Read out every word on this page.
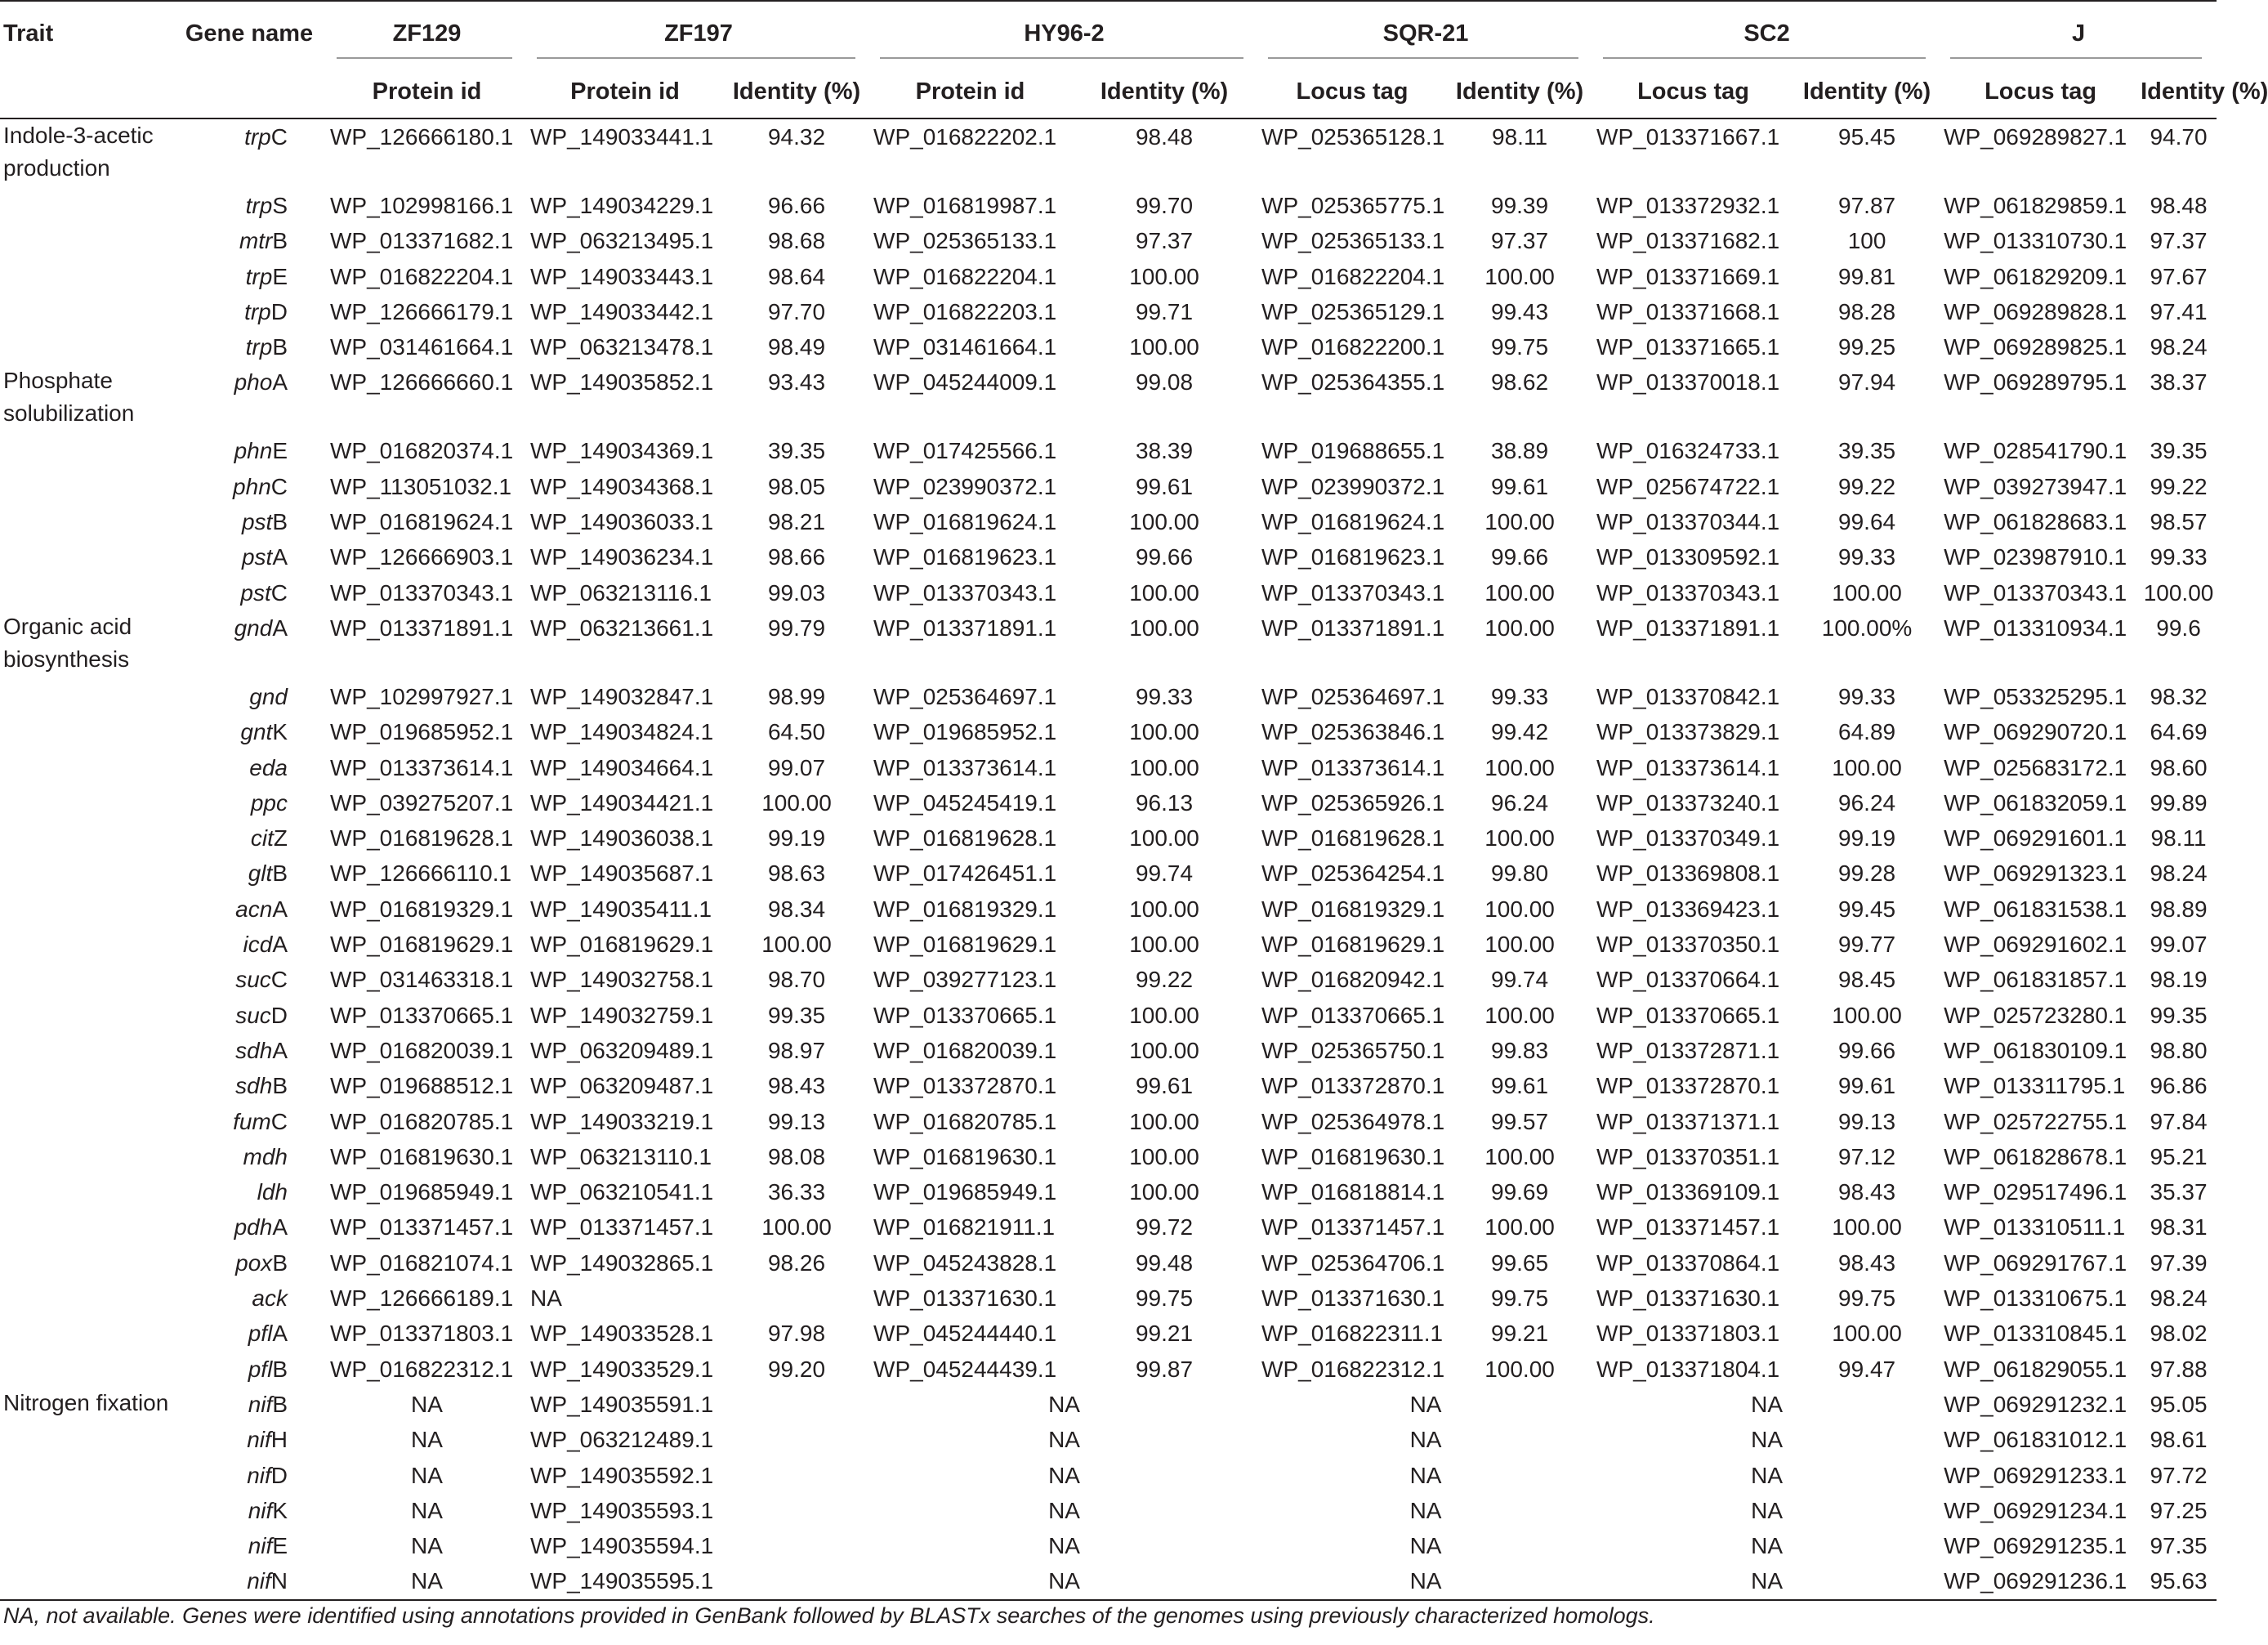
Trait	Gene name	ZF129	ZF197		HY96-2		SQR-21		SC2		J	

		Protein id	Protein id	Identity (%)	Protein id	Identity (%)	Locus tag	Identity (%)	Locus tag	Identity (%)	Locus tag	Identity (%)
Indole-3-acetic production	trpC	WP_126666180.1	WP_149033441.1	94.32	WP_016822202.1	98.48	WP_025365128.1	98.11	WP_013371667.1	95.45	WP_069289827.1	94.70
	trpS	WP_102998166.1	WP_149034229.1	96.66	WP_016819987.1	99.70	WP_025365775.1	99.39	WP_013372932.1	97.87	WP_061829859.1	98.48
	mtrB	WP_013371682.1	WP_063213495.1	98.68	WP_025365133.1	97.37	WP_025365133.1	97.37	WP_013371682.1	100	WP_013310730.1	97.37
	trpE	WP_016822204.1	WP_149033443.1	98.64	WP_016822204.1	100.00	WP_016822204.1	100.00	WP_013371669.1	99.81	WP_061829209.1	97.67
	trpD	WP_126666179.1	WP_149033442.1	97.70	WP_016822203.1	99.71	WP_025365129.1	99.43	WP_013371668.1	98.28	WP_069289828.1	97.41
	trpB	WP_031461664.1	WP_063213478.1	98.49	WP_031461664.1	100.00	WP_016822200.1	99.75	WP_013371665.1	99.25	WP_069289825.1	98.24
Phosphate solubilization	phoA	WP_126666660.1	WP_149035852.1	93.43	WP_045244009.1	99.08	WP_025364355.1	98.62	WP_013370018.1	97.94	WP_069289795.1	38.37
	phnE	WP_016820374.1	WP_149034369.1	39.35	WP_017425566.1	38.39	WP_019688655.1	38.89	WP_016324733.1	39.35	WP_028541790.1	39.35
	phnC	WP_113051032.1	WP_149034368.1	98.05	WP_023990372.1	99.61	WP_023990372.1	99.61	WP_025674722.1	99.22	WP_039273947.1	99.22
	pstB	WP_016819624.1	WP_149036033.1	98.21	WP_016819624.1	100.00	WP_016819624.1	100.00	WP_013370344.1	99.64	WP_061828683.1	98.57
	pstA	WP_126666903.1	WP_149036234.1	98.66	WP_016819623.1	99.66	WP_016819623.1	99.66	WP_013309592.1	99.33	WP_023987910.1	99.33
	pstC	WP_013370343.1	WP_063213116.1	99.03	WP_013370343.1	100.00	WP_013370343.1	100.00	WP_013370343.1	100.00	WP_013370343.1	100.00
Organic acid biosynthesis	gndA	WP_013371891.1	WP_063213661.1	99.79	WP_013371891.1	100.00	WP_013371891.1	100.00	WP_013371891.1	100.00%	WP_013310934.1	99.6
	gnd	WP_102997927.1	WP_149032847.1	98.99	WP_025364697.1	99.33	WP_025364697.1	99.33	WP_013370842.1	99.33	WP_053325295.1	98.32
	gntK	WP_019685952.1	WP_149034824.1	64.50	WP_019685952.1	100.00	WP_025363846.1	99.42	WP_013373829.1	64.89	WP_069290720.1	64.69
	eda	WP_013373614.1	WP_149034664.1	99.07	WP_013373614.1	100.00	WP_013373614.1	100.00	WP_013373614.1	100.00	WP_025683172.1	98.60
	ppc	WP_039275207.1	WP_149034421.1	100.00	WP_045245419.1	96.13	WP_025365926.1	96.24	WP_013373240.1	96.24	WP_061832059.1	99.89
	citZ	WP_016819628.1	WP_149036038.1	99.19	WP_016819628.1	100.00	WP_016819628.1	100.00	WP_013370349.1	99.19	WP_069291601.1	98.11
	gltB	WP_126666110.1	WP_149035687.1	98.63	WP_017426451.1	99.74	WP_025364254.1	99.80	WP_013369808.1	99.28	WP_069291323.1	98.24
	acnA	WP_016819329.1	WP_149035411.1	98.34	WP_016819329.1	100.00	WP_016819329.1	100.00	WP_013369423.1	99.45	WP_061831538.1	98.89
	icdA	WP_016819629.1	WP_016819629.1	100.00	WP_016819629.1	100.00	WP_016819629.1	100.00	WP_013370350.1	99.77	WP_069291602.1	99.07
	sucC	WP_031463318.1	WP_149032758.1	98.70	WP_039277123.1	99.22	WP_016820942.1	99.74	WP_013370664.1	98.45	WP_061831857.1	98.19
	sucD	WP_013370665.1	WP_149032759.1	99.35	WP_013370665.1	100.00	WP_013370665.1	100.00	WP_013370665.1	100.00	WP_025723280.1	99.35
	sdhA	WP_016820039.1	WP_063209489.1	98.97	WP_016820039.1	100.00	WP_025365750.1	99.83	WP_013372871.1	99.66	WP_061830109.1	98.80
	sdhB	WP_019688512.1	WP_063209487.1	98.43	WP_013372870.1	99.61	WP_013372870.1	99.61	WP_013372870.1	99.61	WP_013311795.1	96.86
	fumC	WP_016820785.1	WP_149033219.1	99.13	WP_016820785.1	100.00	WP_025364978.1	99.57	WP_013371371.1	99.13	WP_025722755.1	97.84
	mdh	WP_016819630.1	WP_063213110.1	98.08	WP_016819630.1	100.00	WP_016819630.1	100.00	WP_013370351.1	97.12	WP_061828678.1	95.21
	ldh	WP_019685949.1	WP_063210541.1	36.33	WP_019685949.1	100.00	WP_016818814.1	99.69	WP_013369109.1	98.43	WP_029517496.1	35.37
	pdhA	WP_013371457.1	WP_013371457.1	100.00	WP_016821911.1	99.72	WP_013371457.1	100.00	WP_013371457.1	100.00	WP_013310511.1	98.31
	poxB	WP_016821074.1	WP_149032865.1	98.26	WP_045243828.1	99.48	WP_025364706.1	99.65	WP_013370864.1	98.43	WP_069291767.1	97.39
	ack	WP_126666189.1	NA		WP_013371630.1	99.75	WP_013371630.1	99.75	WP_013371630.1	99.75	WP_013310675.1	98.24
	pflA	WP_013371803.1	WP_149033528.1	97.98	WP_045244440.1	99.21	WP_016822311.1	99.21	WP_013371803.1	100.00	WP_013310845.1	98.02
	pflB	WP_016822312.1	WP_149033529.1	99.20	WP_045244439.1	99.87	WP_016822312.1	100.00	WP_013371804.1	99.47	WP_061829055.1	97.88
Nitrogen fixation	nifB	NA	WP_149035591.1		NA		NA		NA		WP_069291232.1	95.05
	nifH	NA	WP_063212489.1		NA		NA		NA		WP_061831012.1	98.61
	nifD	NA	WP_149035592.1		NA		NA		NA		WP_069291233.1	97.72
	nifK	NA	WP_149035593.1		NA		NA		NA		WP_069291234.1	97.25
	nifE	NA	WP_149035594.1		NA		NA		NA		WP_069291235.1	97.35
	nifN	NA	WP_149035595.1		NA		NA		NA		WP_069291236.1	95.63
NA, not available. Genes were identified using annotations provided in GenBank followed by BLASTx searches of the genomes using previously characterized homologs.
